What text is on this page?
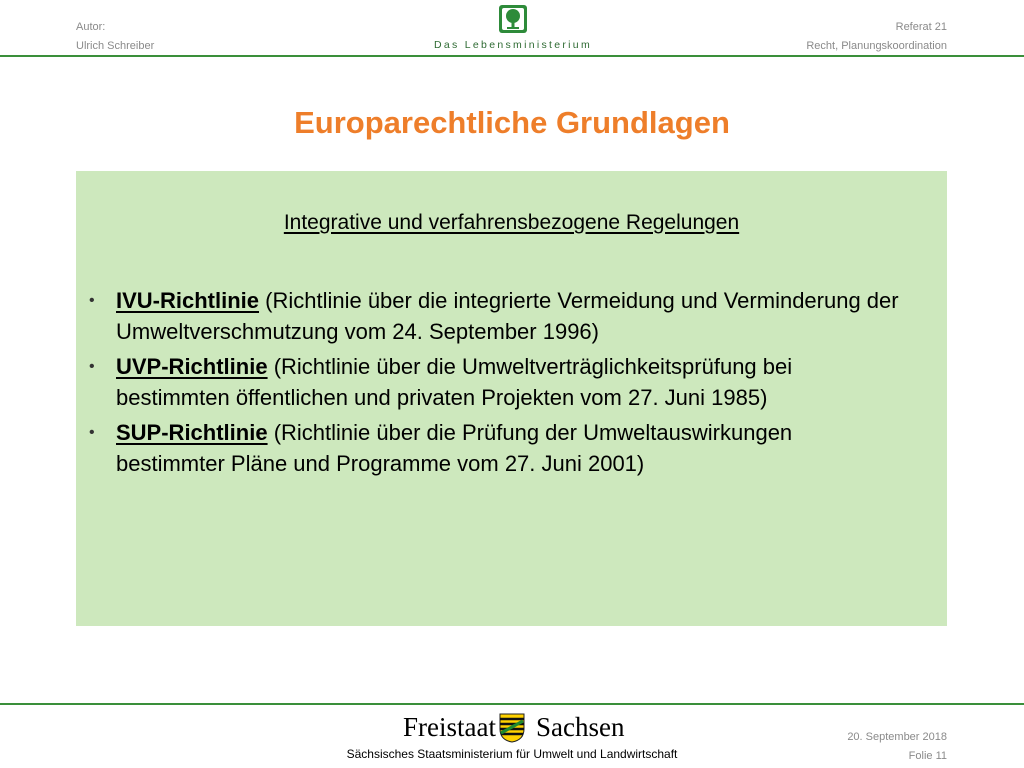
Autor:
Ulrich Schreiber	Das Lebensministerium
Referat 21
Recht, Planungskoordination
Europarechtliche Grundlagen
Integrative und verfahrensbezogene Regelungen
• IVU-Richtlinie (Richtlinie über die integrierte Vermeidung und Verminderung der Umweltverschmutzung vom 24. September 1996)
• UVP-Richtlinie (Richtlinie über die Umweltverträglichkeitsprüfung bei bestimmten öffentlichen und privaten Projekten vom 27. Juni 1985)
• SUP-Richtlinie (Richtlinie über die Prüfung der Umweltauswirkungen bestimmter Pläne und Programme vom 27. Juni 2001)
Freistaat Sachsen
Sächsisches Staatsministerium für Umwelt und Landwirtschaft
20. September 2018
Folie 11
